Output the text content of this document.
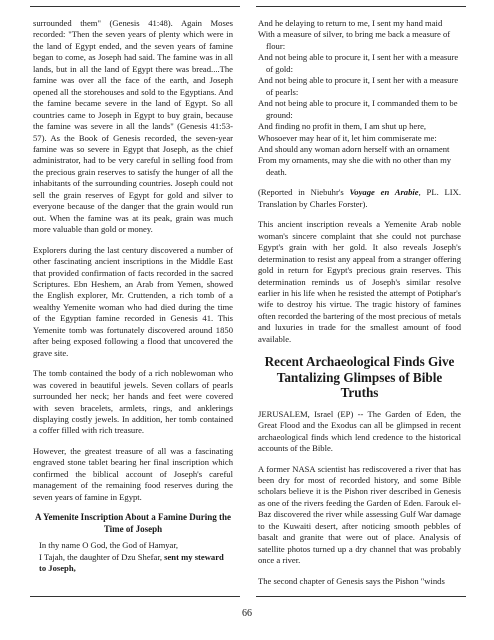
surrounded them" (Genesis 41:48). Again Moses recorded: "Then the seven years of plenty which were in the land of Egypt ended, and the seven years of famine began to come, as Joseph had said. The famine was in all lands, but in all the land of Egypt there was bread....The famine was over all the face of the earth, and Joseph opened all the storehouses and sold to the Egyptians. And the famine became severe in the land of Egypt. So all countries came to Joseph in Egypt to buy grain, because the famine was severe in all the lands" (Genesis 41:53-57). As the Book of Genesis recorded, the seven-year famine was so severe in Egypt that Joseph, as the chief administrator, had to be very careful in selling food from the precious grain reserves to satisfy the hunger of all the inhabitants of the surrounding countries. Joseph could not sell the grain reserves of Egypt for gold and silver to everyone because of the danger that the grain would run out. When the famine was at its peak, grain was much more valuable than gold or money.

Explorers during the last century discovered a number of other fascinating ancient inscriptions in the Middle East that provided confirmation of facts recorded in the sacred Scriptures. Ebn Heshem, an Arab from Yemen, showed the English explorer, Mr. Cruttenden, a rich tomb of a wealthy Yemenite woman who had died during the time of the Egyptian famine recorded in Genesis 41. This Yemenite tomb was fortunately discovered around 1850 after being exposed following a flood that uncovered the grave site.

The tomb contained the body of a rich noblewoman who was covered in beautiful jewels. Seven collars of pearls surrounded her neck; her hands and feet were covered with seven bracelets, armlets, rings, and anklerings displaying costly jewels. In addition, her tomb contained a coffer filled with rich treasure.

However, the greatest treasure of all was a fascinating engraved stone tablet bearing her final inscription which confirmed the biblical account of Joseph's careful management of the remaining food reserves during the seven years of famine in Egypt.

A Yemenite Inscription About a Famine During the Time of Joseph
In thy name O God, the God of Hamyar,
I Tajah, the daughter of Dzu Shefar, sent my steward to Joseph,
And he delaying to return to me, I sent my hand maid
With a measure of silver, to bring me back a measure of flour:
And not being able to procure it, I sent her with a measure of gold:
And not being able to procure it, I sent her with a measure of pearls:
And not being able to procure it, I commanded them to be ground:
And finding no profit in them, I am shut up here,
Whosoever may hear of it, let him commiserate me:
And should any woman adorn herself with an ornament
From my ornaments, may she die with no other than my death.

(Reported in Niebuhr's Voyage en Arabie, PL. LIX. Translation by Charles Forster).

This ancient inscription reveals a Yemenite Arab noble woman's sincere complaint that she could not purchase Egypt's grain with her gold. It also reveals Joseph's determination to resist any appeal from a stranger offering gold in return for Egypt's precious grain reserves. This determination reminds us of Joseph's similar resolve earlier in his life when he resisted the attempt of Potiphar's wife to destroy his virtue. The tragic history of famines often recorded the bartering of the most precious of metals and luxuries in trade for the smallest amount of food available.

Recent Archaeological Finds Give Tantalizing Glimpses of Bible Truths

JERUSALEM, Israel (EP) -- The Garden of Eden, the Great Flood and the Exodus can all be glimpsed in recent archaeological finds which lend credence to the historical accounts of the Bible.

A former NASA scientist has rediscovered a river that has been dry for most of recorded history, and some Bible scholars believe it is the Pishon river described in Genesis as one of the rivers feeding the Garden of Eden. Farouk el-Baz discovered the river while assessing Gulf War damage to the Kuwaiti desert, after noticing smooth pebbles of basalt and granite that were out of place. Analysis of satellite photos turned up a dry channel that was probably once a river.

The second chapter of Genesis says the Pishon "winds

66
